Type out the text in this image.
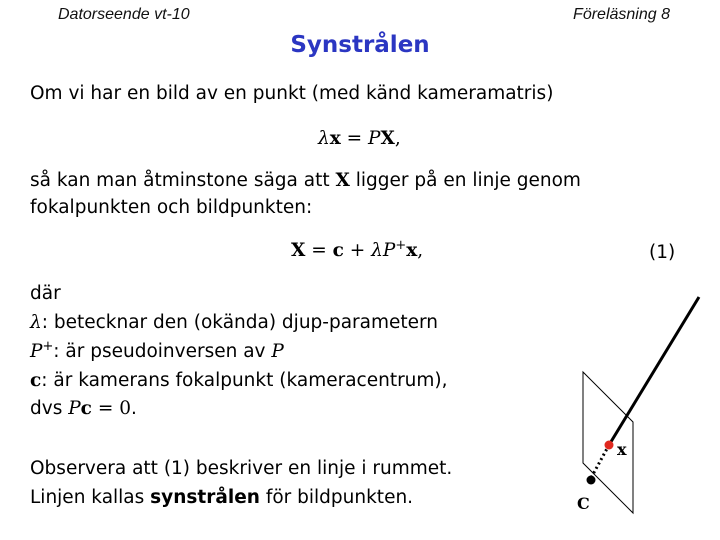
Datorseende vt-10	Föreläsning 8
Synstrålen
Om vi har en bild av en punkt (med känd kameramatris)
λx = PX,
så kan man åtminstone säga att X ligger på en linje genom
fokalpunkten och bildpunkten:
X = c + λP+x,	(1)
där
λ: betecknar den (okända) djup-parametern
P+: är pseudoinversen av P
c: är kamerans fokalpunkt (kameracentrum),
dvs Pc = 0.
Observera att (1) beskriver en linje i rummet.
Linjen kallas synstrålen för bildpunkten.
x
C
